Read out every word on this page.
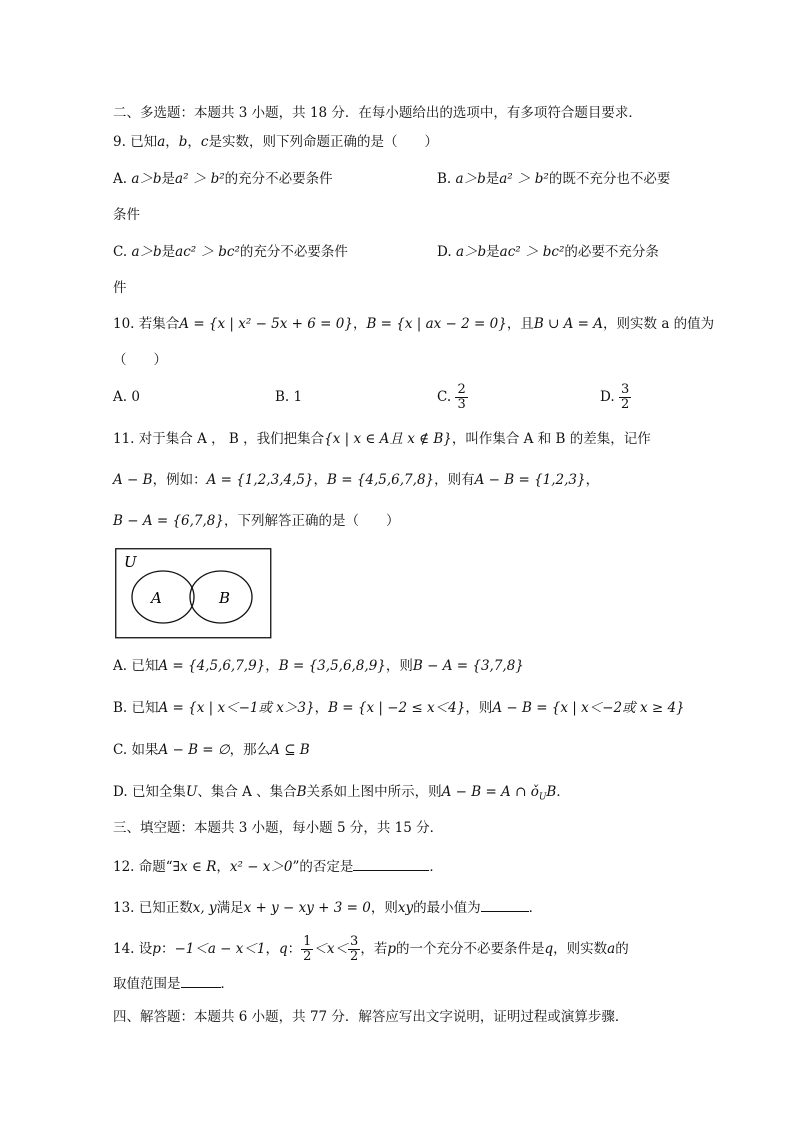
二、多选题：本题共 3 小题，共 18 分．在每小题给出的选项中，有多项符合题目要求．
9. 已知a，b，c是实数，则下列命题正确的是（　　）
A. a＞b是a² ＞ b²的充分不必要条件	B. a＞b是a² ＞ b²的既不充分也不必要
条件
C. a＞b是ac² ＞ bc²的充分不必要条件	D. a＞b是ac² ＞ bc²的必要不充分条
件
10. 若集合A = {x | x² − 5x + 6 = 0}，B = {x | ax − 2 = 0}，且B ∪ A = A，则实数 a 的值为
（　　）
A. 0	B. 1	C. $\frac{2}{3}$	D. $\frac{3}{2}$
11. 对于集合 A ， B ，我们把集合{x | x ∈ A且 x ∉ B}，叫作集合 A 和 B 的差集，记作
A − B，例如：A = {1,2,3,4,5}，B = {4,5,6,7,8}，则有A − B = {1,2,3}，
B − A = {6,7,8}，下列解答正确的是（　　）
U
A	B
A. 已知A = {4,5,6,7,9}，B = {3,5,6,8,9}，则B − A = {3,7,8}
B. 已知A = {x | x＜−1或 x＞3}，B = {x | −2 ≤ x＜4}，则A − B = {x | x＜−2或 x ≥ 4}
C. 如果A − B = ∅，那么A ⊆ B
D. 已知全集U、集合 A 、集合B关系如上图中所示，则A − B = A ∩ $ǒ_UB$．
三、填空题：本题共 3 小题，每小题 5 分，共 15 分．
12. 命题“∃x ∈ R，x² − x＞0”的否定是	．
13. 已知正数x, y满足x + y − xy + 3 = 0，则xy的最小值为	．
14. 设p：−1＜a − x＜1，q： $\frac{1}{2} <x< \frac{3}{2}$ ，若p的一个充分不必要条件是q，则实数a的
取值范围是	．
四、解答题：本题共 6 小题，共 77 分．解答应写出文字说明，证明过程或演算步骤．
